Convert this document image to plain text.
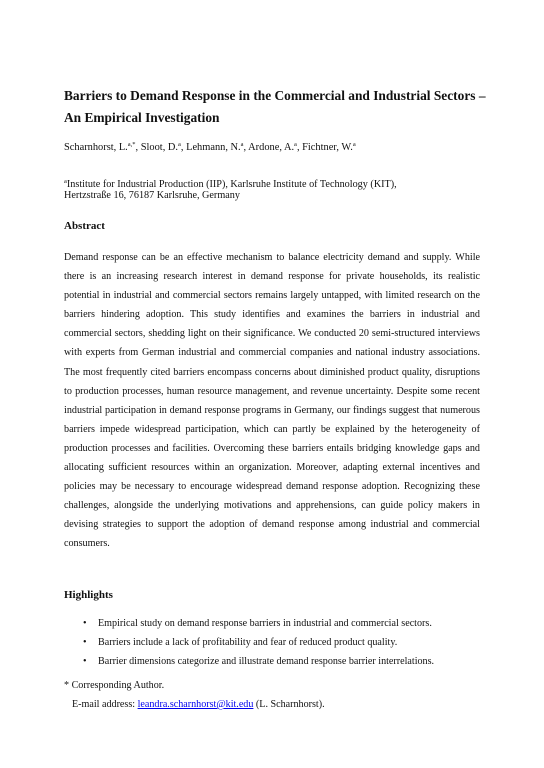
Barriers to Demand Response in the Commercial and Industrial Sectors –
An Empirical Investigation
Scharnhorst, L.$^{a,*}$, Sloot, D.$^a$, Lehmann, N.$^a$, Ardone, A.$^a$, Fichtner, W.$^a$
$^a$Institute for Industrial Production (IIP), Karlsruhe Institute of Technology (KIT),
Hertzstraße 16, 76187 Karlsruhe, Germany
Abstract

Demand response can be an effective mechanism to balance electricity demand and supply. While there is an increasing research interest in demand response for private households, its realistic potential in industrial and commercial sectors remains largely untapped, with limited research on the barriers hindering adoption. This study identifies and examines the barriers in industrial and commercial sectors, shedding light on their significance. We conducted 20 semi-structured interviews with experts from German industrial and commercial companies and national industry associations. The most frequently cited barriers encompass concerns about diminished product quality, disruptions to production processes, human resource management, and revenue uncertainty. Despite some recent industrial participation in demand response programs in Germany, our findings suggest that numerous barriers impede widespread participation, which can partly be explained by the heterogeneity of production processes and facilities. Overcoming these barriers entails bridging knowledge gaps and allocating sufficient resources within an organization. Moreover, adapting external incentives and policies may be necessary to encourage widespread demand response adoption. Recognizing these challenges, alongside the underlying motivations and apprehensions, can guide policy makers in devising strategies to support the adoption of demand response among industrial and commercial consumers.

Highlights
• Empirical study on demand response barriers in industrial and commercial sectors.
• Barriers include a lack of profitability and fear of reduced product quality.
• Barrier dimensions categorize and illustrate demand response barrier interrelations.
* Corresponding Author.
E-mail address: leandra.scharnhorst@kit.edu (L. Scharnhorst).
